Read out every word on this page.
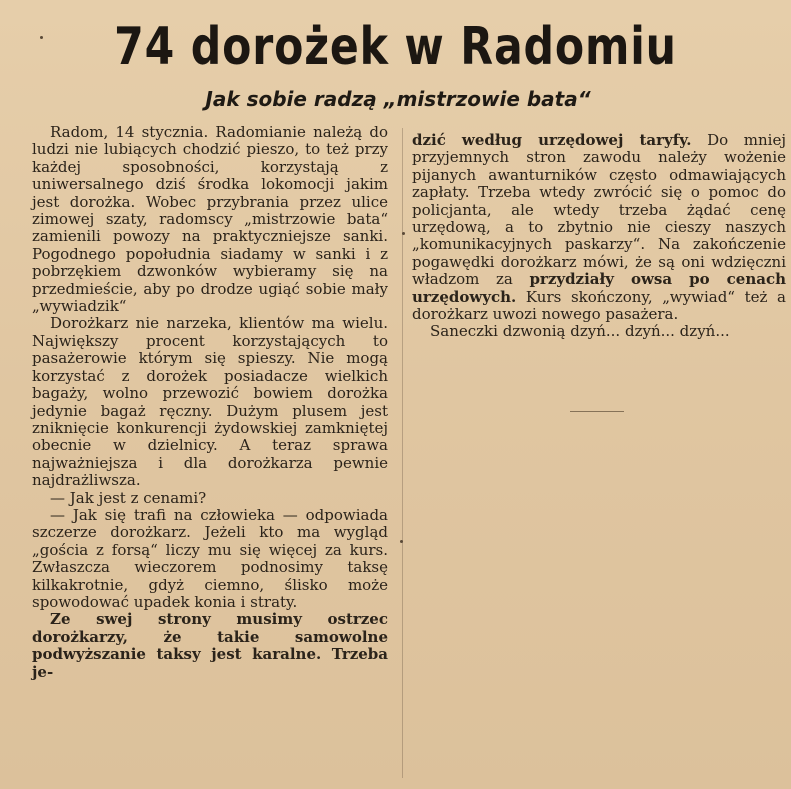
74 dorożek w Radomiu
Jak sobie radzą „mistrzowie bata“

Radom, 14 stycznia. Radomianie należą do ludzi nie lubiących chodzić pieszo, to też przy każdej sposobności, korzystają z uniwersalnego dziś środka lokomocji jakim jest dorożka. Wobec przybrania przez ulice zimowej szaty, radomscy „mistrzowie bata“ zamienili powozy na praktyczniejsze sanki. Pogodnego popołudnia siadamy w sanki i z pobrzękiem dzwonków wybieramy się na przedmieście, aby po drodze ugiąć sobie mały „wywiadzik“

Dorożkarz nie narzeka, klientów ma wielu. Największy procent korzystających to pasażerowie którym się spieszy. Nie mogą korzystać z dorożek posiadacze wielkich bagaży, wolno przewozić bowiem dorożka jedynie bagaż ręczny. Dużym plusem jest zniknięcie konkurencji żydowskiej zamkniętej obecnie w dzielnicy. A teraz sprawa najważniejsza i dla dorożkarza pewnie najdrażliwsza.

— Jak jest z cenami?

— Jak się trafi na człowieka — odpowiada szczerze dorożkarz. Jeżeli kto ma wygląd „gościa z forsą“ liczy mu się więcej za kurs. Zwłaszcza wieczorem podnosimy taksę kilkakrotnie, gdyż ciemno, ślisko może spowodować upadek konia i straty.

Ze swej strony musimy ostrzec dorożkarzy, że takie samowolne podwyższanie taksy jest karalne. Trzeba je-

dzić według urzędowej taryfy. Do mniej przyjemnych stron zawodu należy wożenie pijanych awanturników często odmawiających zapłaty. Trzeba wtedy zwrócić się o pomoc do policjanta, ale wtedy trzeba żądać cenę urzędową, a to zbytnio nie cieszy naszych „komunikacyjnych paskarzy“. Na zakończenie pogawędki dorożkarz mówi, że są oni wdzięczni władzom za przydziały owsa po cenach urzędowych. Kurs skończony, „wywiad“ też a dorożkarz uwozi nowego pasażera.

Saneczki dzwonią dzyń... dzyń... dzyń...
